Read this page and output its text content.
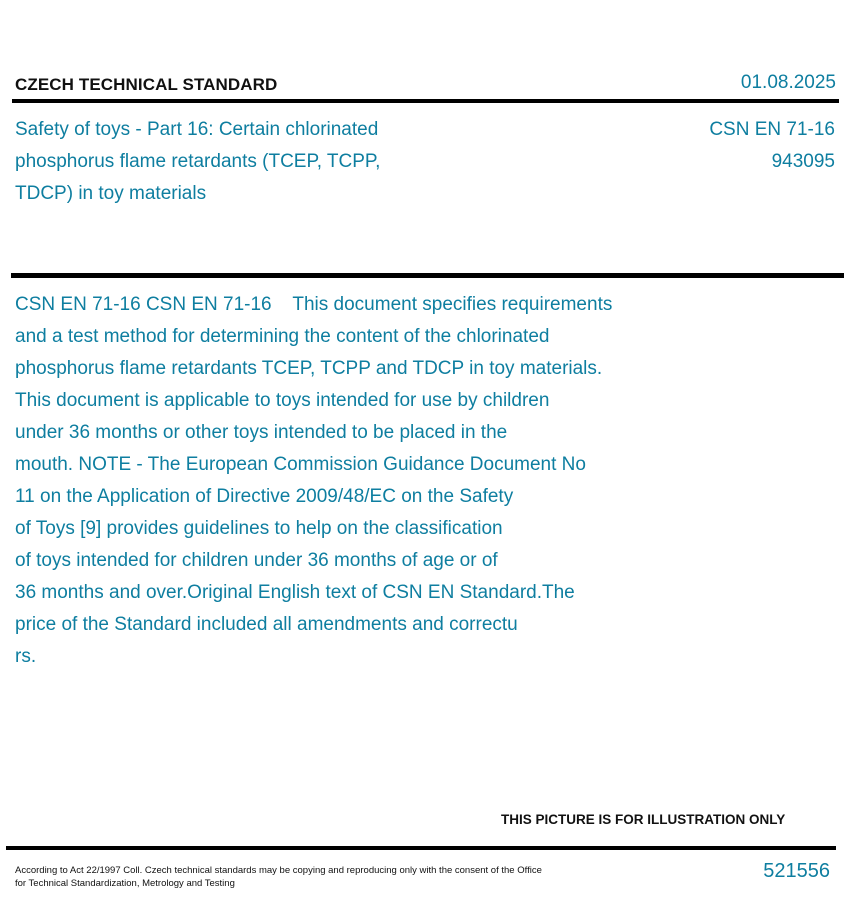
CZECH TECHNICAL STANDARD	01.08.2025
Safety of toys - Part 16: Certain chlorinated
phosphorus flame retardants (TCEP, TCPP,
TDCP) in toy materials
CSN EN 71-16
943095
CSN EN 71-16 CSN EN 71-16    This document specifies requirements
and a test method for determining the content of the chlorinated
phosphorus flame retardants TCEP, TCPP and TDCP in toy materials.
This document is applicable to toys intended for use by children
under 36 months or other toys intended to be placed in the
mouth. NOTE - The European Commission Guidance Document No
11 on the Application of Directive 2009/48/EC on the Safety
of Toys [9] provides guidelines to help on the classification
of toys intended for children under 36 months of age or of
36 months and over.Original English text of CSN EN Standard.The
price of the Standard included all amendments and correctu
rs.
THIS PICTURE IS FOR ILLUSTRATION ONLY
According to Act 22/1997 Coll. Czech technical standards may be copying and reproducing only with the consent of the Office
for Technical Standardization, Metrology and Testing
521556
